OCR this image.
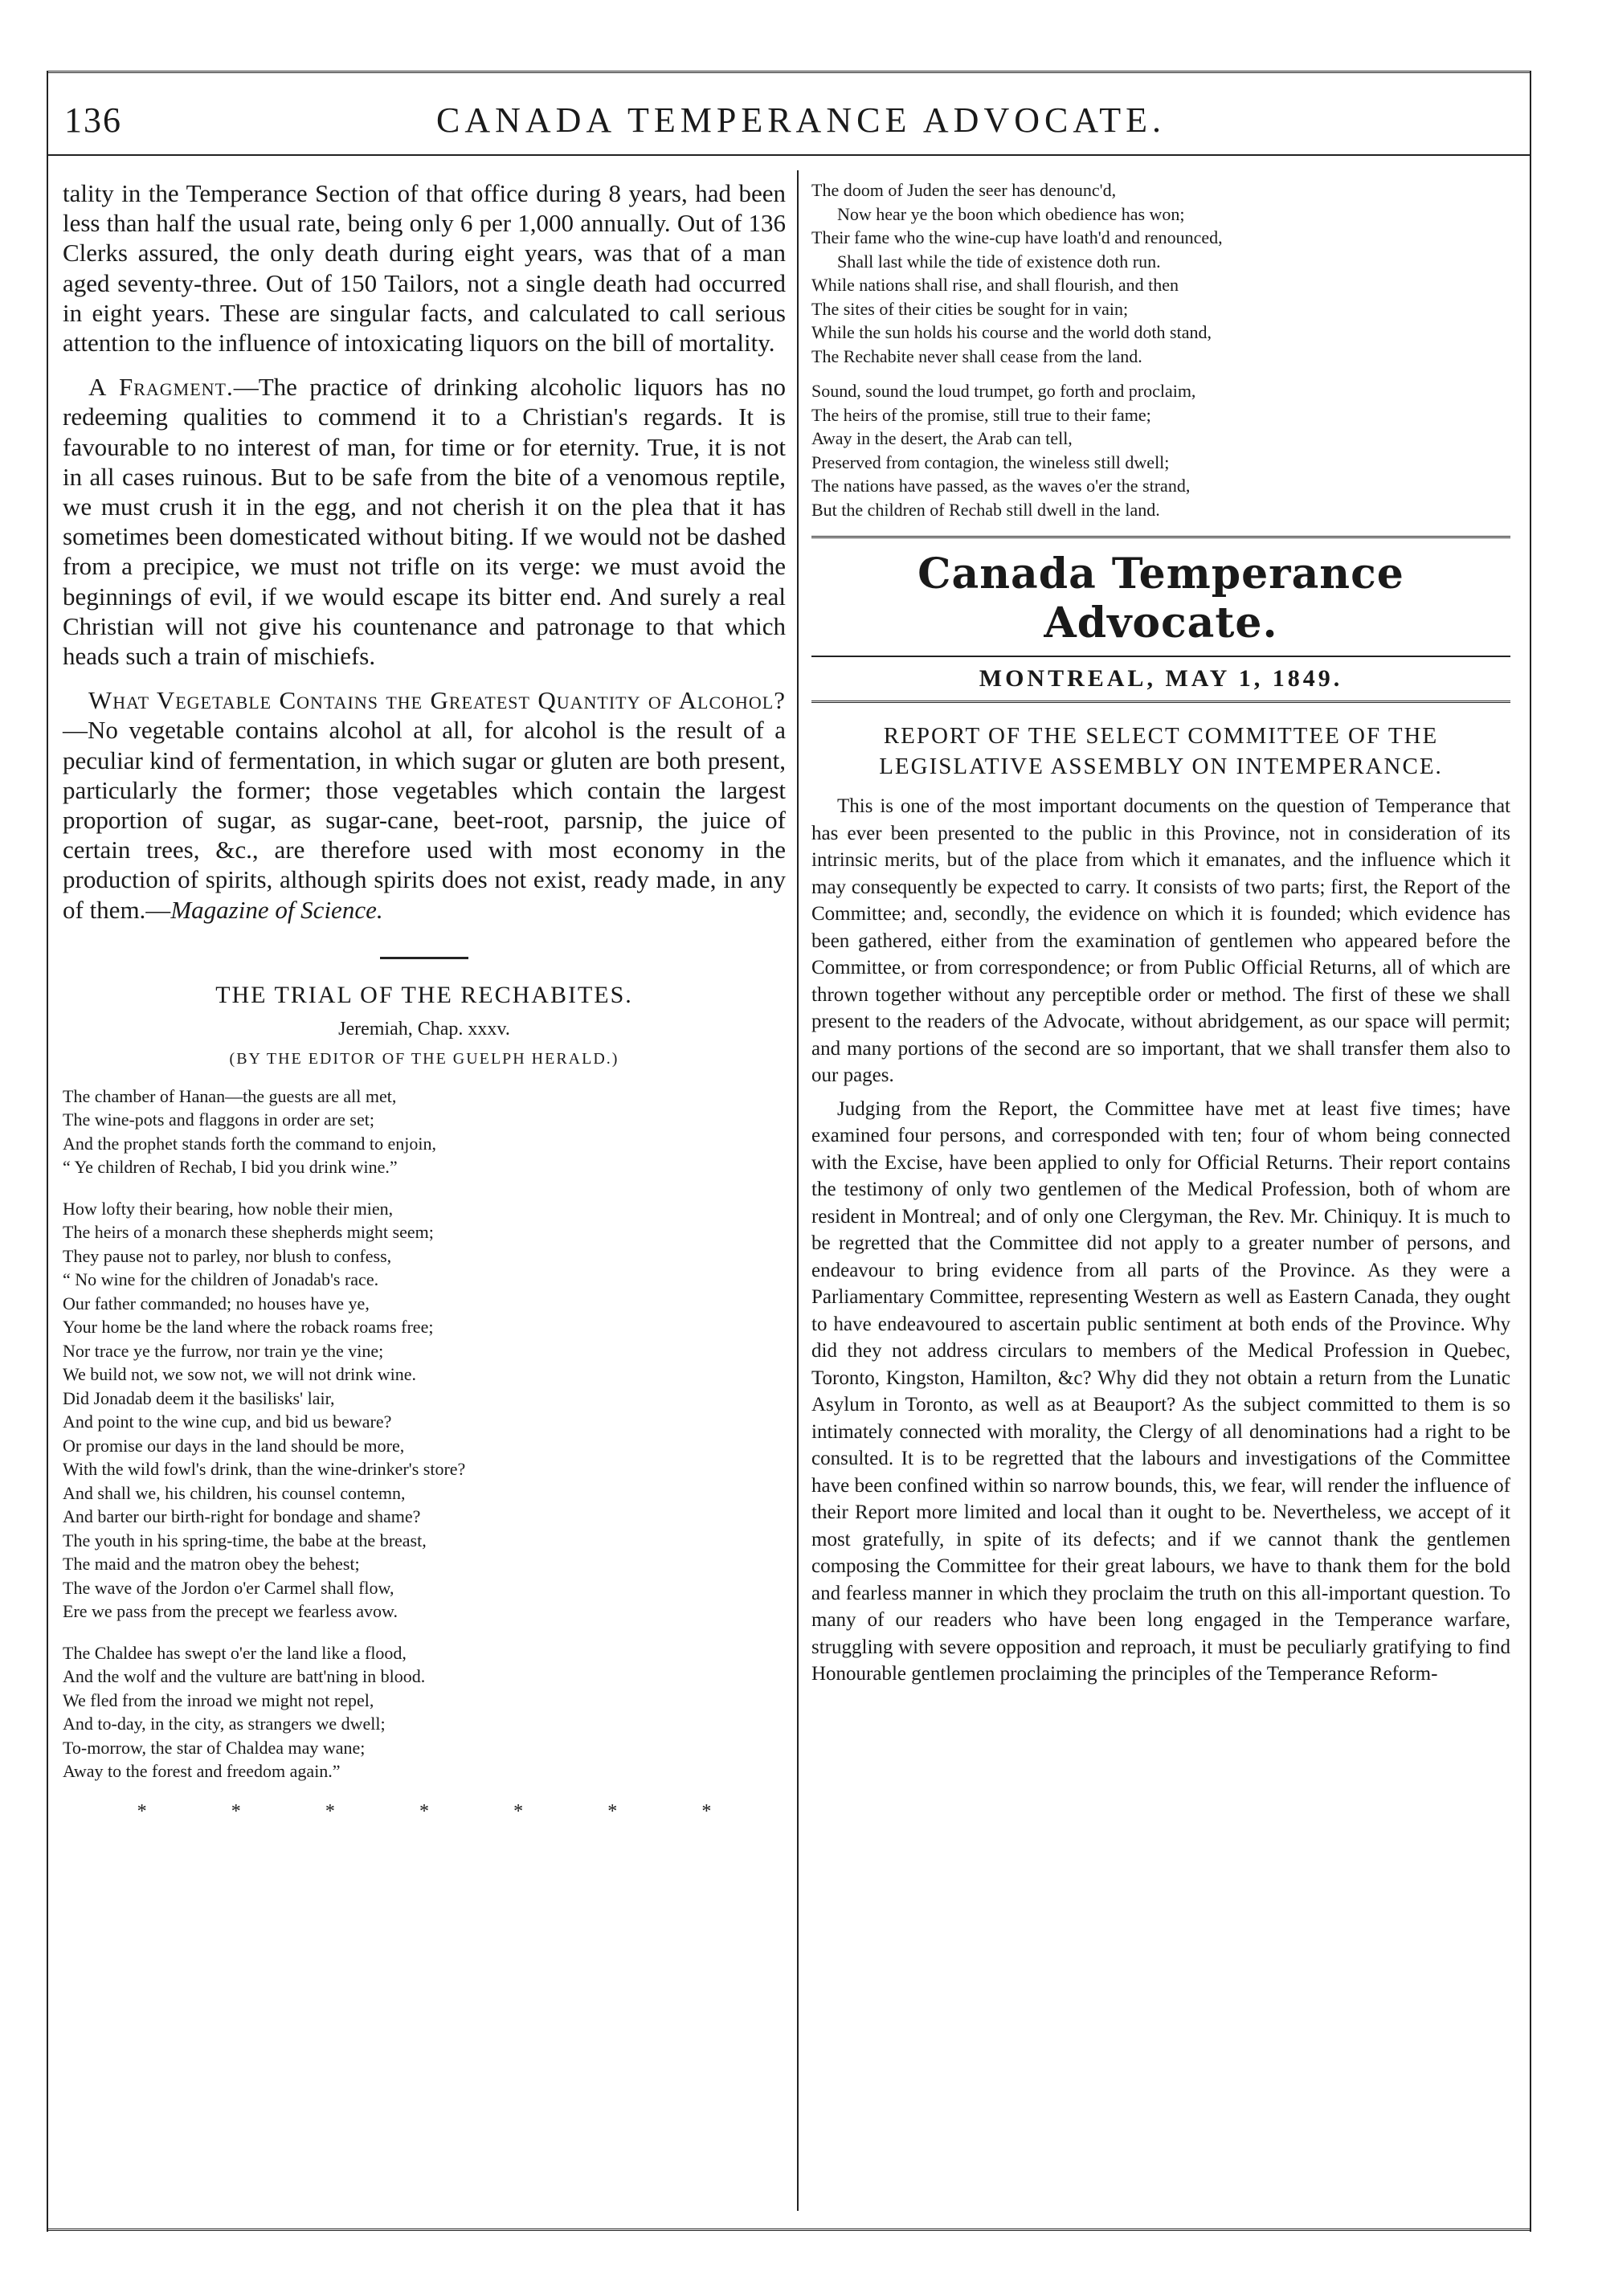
136	CANADA TEMPERANCE ADVOCATE.

tality in the Temperance Section of that office during 8 years, had been less than half the usual rate, being only 6 per 1,000 annually. Out of 136 Clerks assured, the only death during eight years, was that of a man aged seventy-three. Out of 150 Tailors, not a single death had occurred in eight years. These are singular facts, and calculated to call serious attention to the influence of intoxicating liquors on the bill of mortality.

A Fragment.—The practice of drinking alcoholic liquors has no redeeming qualities to commend it to a Christian's regards. It is favourable to no interest of man, for time or for eternity. True, it is not in all cases ruinous. But to be safe from the bite of a venomous reptile, we must crush it in the egg, and not cherish it on the plea that it has sometimes been domesticated without biting. If we would not be dashed from a precipice, we must not trifle on its verge: we must avoid the beginnings of evil, if we would escape its bitter end. And surely a real Christian will not give his countenance and patronage to that which heads such a train of mischiefs.

What Vegetable Contains the Greatest Quantity of Alcohol?—No vegetable contains alcohol at all, for alcohol is the result of a peculiar kind of fermentation, in which sugar or gluten are both present, particularly the former; those vegetables which contain the largest proportion of sugar, as sugar-cane, beet-root, parsnip, the juice of certain trees, &c., are therefore used with most economy in the production of spirits, although spirits does not exist, ready made, in any of them.—Magazine of Science.

THE TRIAL OF THE RECHABITES.
Jeremiah, Chap. xxxv.
(BY THE EDITOR OF THE GUELPH HERALD.)
The chamber of Hanan—the guests are all met,
The wine-pots and flaggons in order are set;
And the prophet stands forth the command to enjoin,
“ Ye children of Rechab, I bid you drink wine.”
How lofty their bearing, how noble their mien,
The heirs of a monarch these shepherds might seem;
They pause not to parley, nor blush to confess,
“ No wine for the children of Jonadab's race.
Our father commanded; no houses have ye,
Your home be the land where the roback roams free;
Nor trace ye the furrow, nor train ye the vine;
We build not, we sow not, we will not drink wine.
Did Jonadab deem it the basilisks' lair,
And point to the wine cup, and bid us beware?
Or promise our days in the land should be more,
With the wild fowl's drink, than the wine-drinker's store?
And shall we, his children, his counsel contemn,
And barter our birth-right for bondage and shame?
The youth in his spring-time, the babe at the breast,
The maid and the matron obey the behest;
The wave of the Jordon o'er Carmel shall flow,
Ere we pass from the precept we fearless avow.
The Chaldee has swept o'er the land like a flood,
And the wolf and the vulture are batt'ning in blood.
We fled from the inroad we might not repel,
And to-day, in the city, as strangers we dwell;
To-morrow, the star of Chaldea may wane;
Away to the forest and freedom again.”
*	*	*	*	*	*	*
The doom of Juden the seer has denounc'd,
Now hear ye the boon which obedience has won;
Their fame who the wine-cup have loath'd and renounced,
Shall last while the tide of existence doth run.
While nations shall rise, and shall flourish, and then
The sites of their cities be sought for in vain;
While the sun holds his course and the world doth stand,
The Rechabite never shall cease from the land.
Sound, sound the loud trumpet, go forth and proclaim,
The heirs of the promise, still true to their fame;
Away in the desert, the Arab can tell,
Preserved from contagion, the wineless still dwell;
The nations have passed, as the waves o'er the strand,
But the children of Rechab still dwell in the land.
Canada Temperance Advocate.
MONTREAL, MAY 1, 1849.
REPORT OF THE SELECT COMMITTEE OF THE LEGISLATIVE ASSEMBLY ON INTEMPERANCE.

This is one of the most important documents on the question of Temperance that has ever been presented to the public in this Province, not in consideration of its intrinsic merits, but of the place from which it emanates, and the influence which it may consequently be expected to carry. It consists of two parts; first, the Report of the Committee; and, secondly, the evidence on which it is founded; which evidence has been gathered, either from the examination of gentlemen who appeared before the Committee, or from correspondence; or from Public Official Returns, all of which are thrown together without any perceptible order or method. The first of these we shall present to the readers of the Advocate, without abridgement, as our space will permit; and many portions of the second are so important, that we shall transfer them also to our pages.

Judging from the Report, the Committee have met at least five times; have examined four persons, and corresponded with ten; four of whom being connected with the Excise, have been applied to only for Official Returns. Their report contains the testimony of only two gentlemen of the Medical Profession, both of whom are resident in Montreal; and of only one Clergyman, the Rev. Mr. Chiniquy. It is much to be regretted that the Committee did not apply to a greater number of persons, and endeavour to bring evidence from all parts of the Province. As they were a Parliamentary Committee, representing Western as well as Eastern Canada, they ought to have endeavoured to ascertain public sentiment at both ends of the Province. Why did they not address circulars to members of the Medical Profession in Quebec, Toronto, Kingston, Hamilton, &c? Why did they not obtain a return from the Lunatic Asylum in Toronto, as well as at Beauport? As the subject committed to them is so intimately connected with morality, the Clergy of all denominations had a right to be consulted. It is to be regretted that the labours and investigations of the Committee have been confined within so narrow bounds, this, we fear, will render the influence of their Report more limited and local than it ought to be. Nevertheless, we accept of it most gratefully, in spite of its defects; and if we cannot thank the gentlemen composing the Committee for their great labours, we have to thank them for the bold and fearless manner in which they proclaim the truth on this all-important question. To many of our readers who have been long engaged in the Temperance warfare, struggling with severe opposition and reproach, it must be peculiarly gratifying to find Honourable gentlemen proclaiming the principles of the Temperance Reform-
